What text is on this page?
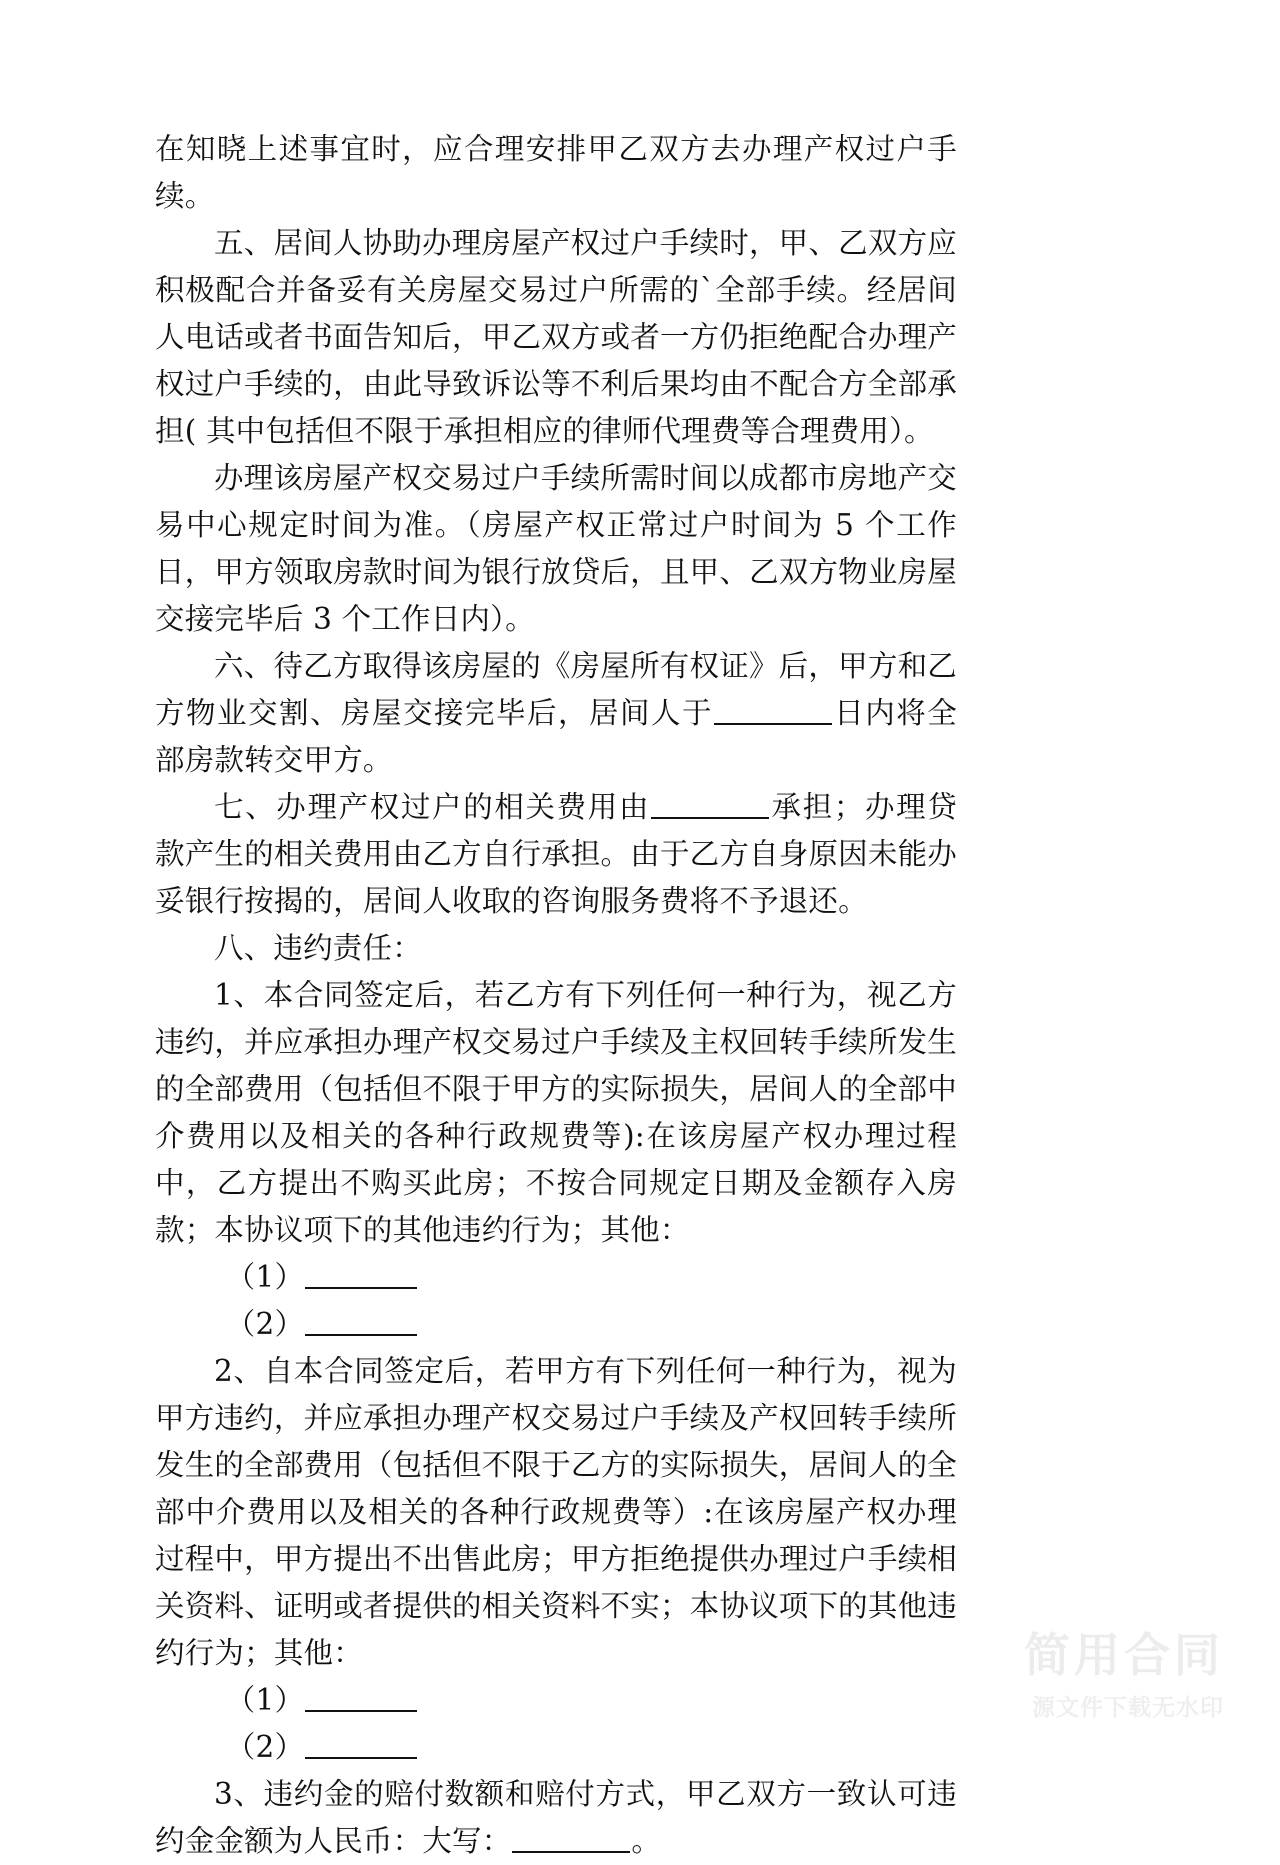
简用合同
源文件下载无水印

在知晓上述事宜时，应合理安排甲乙双方去办理产权过户手续。

五、居间人协助办理房屋产权过户手续时，甲、乙双方应积极配合并备妥有关房屋交易过户所需的`全部手续。经居间人电话或者书面告知后，甲乙双方或者一方仍拒绝配合办理产权过户手续的，由此导致诉讼等不利后果均由不配合方全部承担( 其中包括但不限于承担相应的律师代理费等合理费用）。

办理该房屋产权交易过户手续所需时间以成都市房地产交易中心规定时间为准。（房屋产权正常过户时间为 5 个工作日，甲方领取房款时间为银行放贷后，且甲、乙双方物业房屋交接完毕后 3 个工作日内）。

六、待乙方取得该房屋的《房屋所有权证》后，甲方和乙方物业交割、房屋交接完毕后，居间人于	日内将全部房款转交甲方。

七、办理产权过户的相关费用由	承担；办理贷款产生的相关费用由乙方自行承担。由于乙方自身原因未能办妥银行按揭的，居间人收取的咨询服务费将不予退还。

八、违约责任：

1、本合同签定后，若乙方有下列任何一种行为，视乙方违约，并应承担办理产权交易过户手续及主权回转手续所发生的全部费用（包括但不限于甲方的实际损失，居间人的全部中介费用以及相关的各种行政规费等):在该房屋产权办理过程中，乙方提出不购买此房；不按合同规定日期及金额存入房款；本协议项下的其他违约行为；其他：

（1）

（2）

2、自本合同签定后，若甲方有下列任何一种行为，视为甲方违约，并应承担办理产权交易过户手续及产权回转手续所发生的全部费用（包括但不限于乙方的实际损失，居间人的全部中介费用以及相关的各种行政规费等）:在该房屋产权办理过程中，甲方提出不出售此房；甲方拒绝提供办理过户手续相关资料、证明或者提供的相关资料不实；本协议项下的其他违约行为；其他：

（1）

（2）

3、违约金的赔付数额和赔付方式，甲乙双方一致认可违约金金额为人民币：大写：	。
